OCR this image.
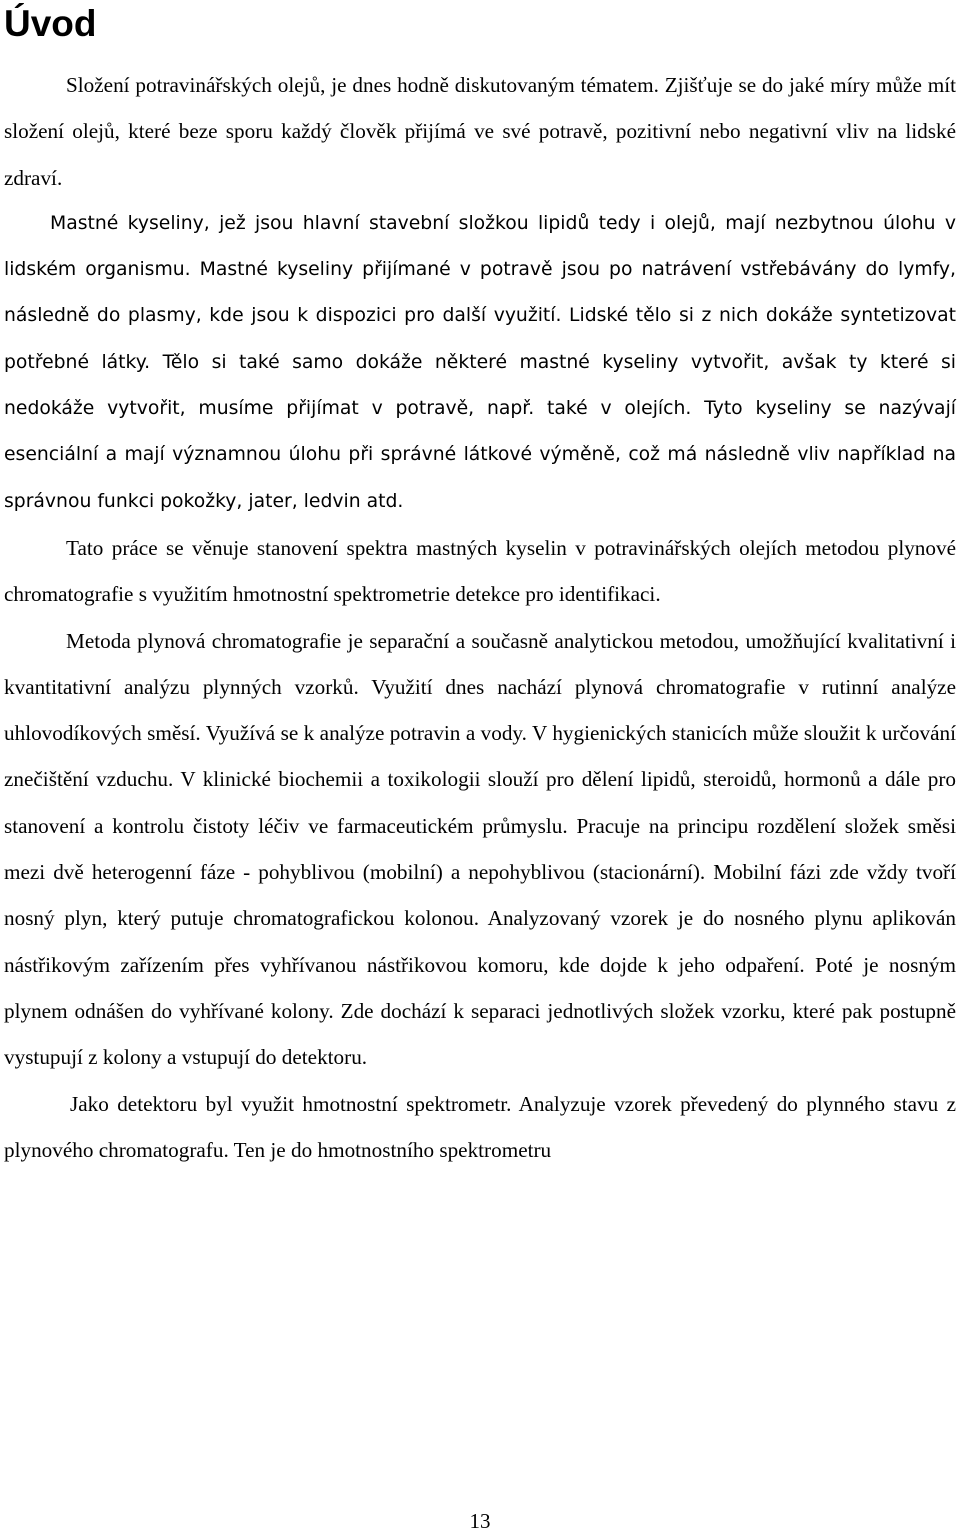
Úvod

Složení potravinářských olejů, je dnes hodně diskutovaným tématem. Zjišťuje se do jaké míry může mít složení olejů, které beze sporu každý člověk přijímá ve své potravě, pozitivní nebo negativní vliv na lidské zdraví.

Mastné kyseliny, jež jsou hlavní stavební složkou lipidů tedy i olejů, mají nezbytnou úlohu v lidském organismu. Mastné kyseliny přijímané v potravě jsou po natrávení vstřebávány do lymfy, následně do plasmy, kde jsou k dispozici pro další využití. Lidské tělo si z nich dokáže syntetizovat potřebné látky. Tělo si také samo dokáže některé mastné kyseliny vytvořit, avšak ty které si nedokáže vytvořit, musíme přijímat v potravě, např. také v olejích. Tyto kyseliny se nazývají esenciální a mají významnou úlohu při správné látkové výměně, což má následně vliv například na správnou funkci pokožky, jater, ledvin atd.

Tato práce se věnuje stanovení spektra mastných kyselin v potravinářských olejích metodou plynové chromatografie s využitím hmotnostní spektrometrie detekce pro identifikaci.

Metoda plynová chromatografie je separační a současně analytickou metodou, umožňující kvalitativní i kvantitativní analýzu plynných vzorků. Využití dnes nachází plynová chromatografie v rutinní analýze uhlovodíkových směsí. Využívá se k analýze potravin a vody. V hygienických stanicích může sloužit k určování znečištění vzduchu. V klinické biochemii a toxikologii slouží pro dělení lipidů, steroidů, hormonů a dále pro stanovení a kontrolu čistoty léčiv ve farmaceutickém průmyslu. Pracuje na principu rozdělení složek směsi mezi dvě heterogenní fáze - pohyblivou (mobilní) a nepohyblivou (stacionární). Mobilní fázi zde vždy tvoří nosný plyn, který putuje chromatografickou kolonou. Analyzovaný vzorek je do nosného plynu aplikován nástřikovým zařízením přes vyhřívanou nástřikovou komoru, kde dojde k jeho odpaření. Poté je nosným plynem odnášen do vyhřívané kolony. Zde dochází k separaci jednotlivých složek vzorku, které pak postupně vystupují z kolony a vstupují do detektoru.

Jako detektoru byl využit hmotnostní spektrometr. Analyzuje vzorek převedený do plynného stavu z plynového chromatografu. Ten je do hmotnostního spektrometru

13
